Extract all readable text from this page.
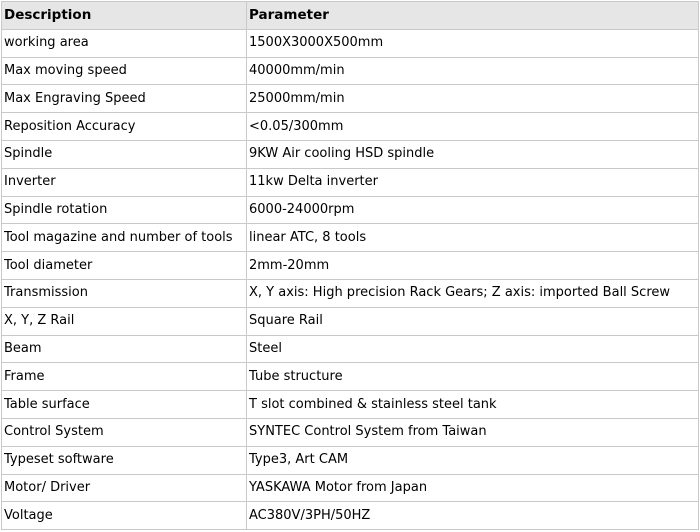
Description	Parameter
working area	1500X3000X500mm
Max moving speed	40000mm/min
Max Engraving Speed	25000mm/min
Reposition Accuracy	<0.05/300mm
Spindle	9KW Air cooling HSD spindle
Inverter	11kw Delta inverter
Spindle rotation	6000-24000rpm
Tool magazine and number of tools	linear ATC, 8 tools
Tool diameter	2mm-20mm
Transmission	X, Y axis: High precision Rack Gears; Z axis: imported Ball Screw
X, Y, Z Rail	Square Rail
Beam	Steel
Frame	Tube structure
Table surface	T slot combined & stainless steel tank
Control System	SYNTEC Control System from Taiwan
Typeset software	Type3, Art CAM
Motor/ Driver	YASKAWA Motor from Japan
Voltage	AC380V/3PH/50HZ
